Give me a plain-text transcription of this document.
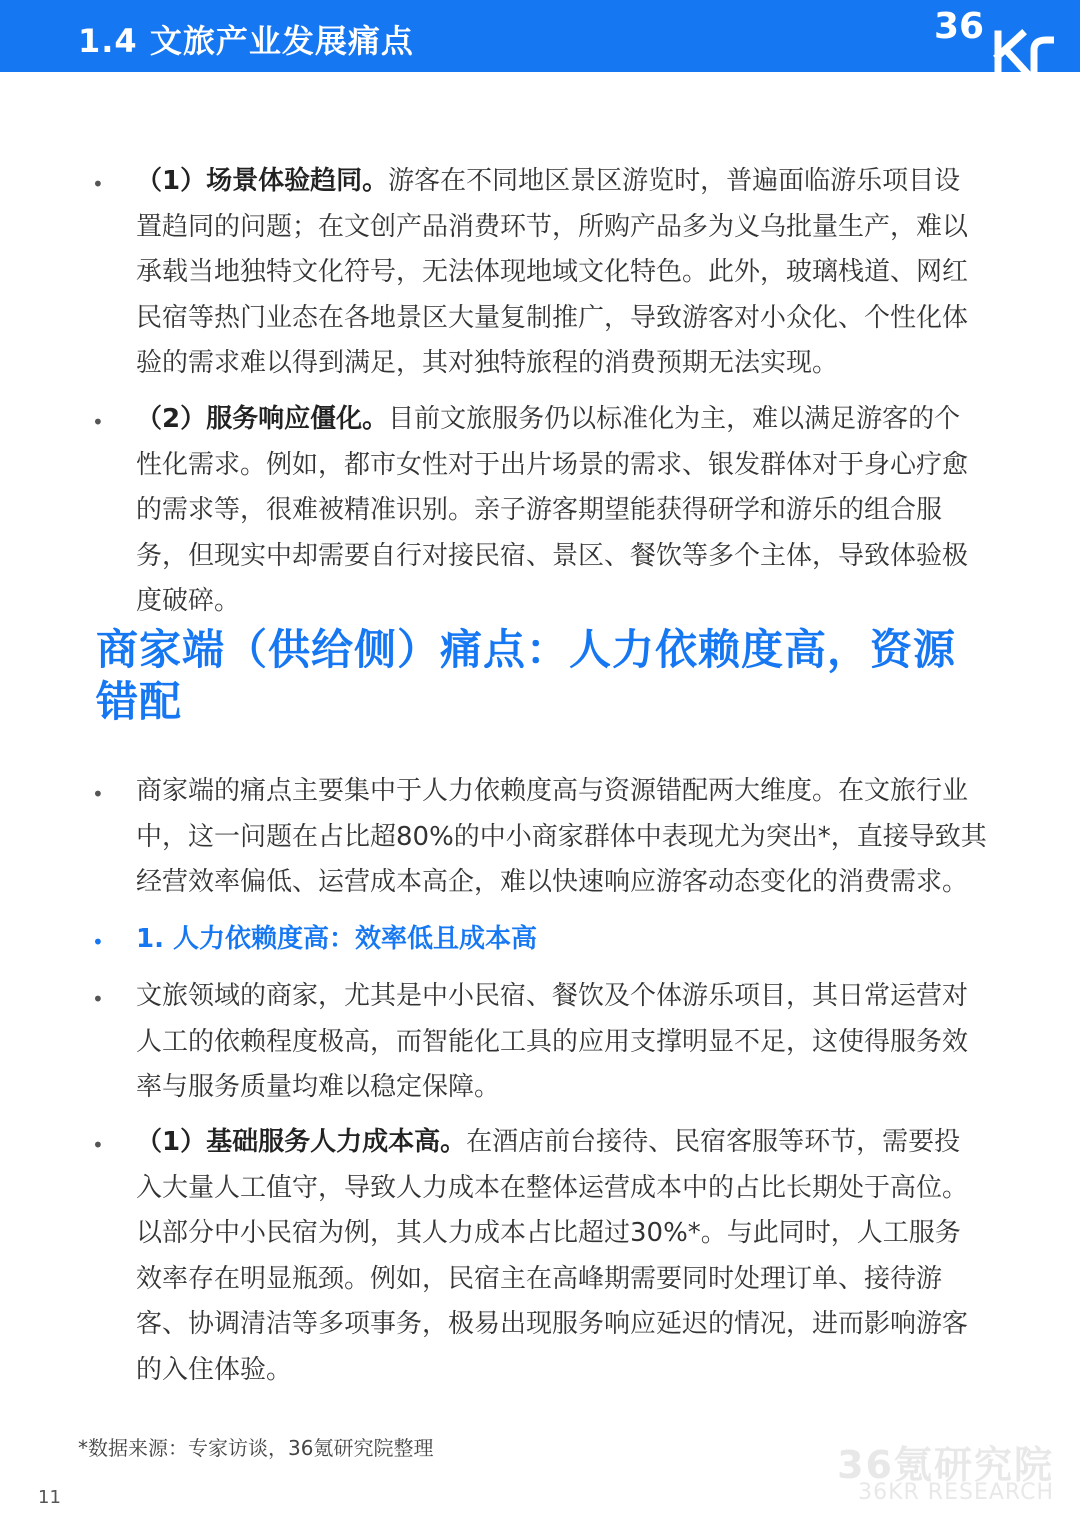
1.4 文旅产业发展痛点	36
• （1）场景体验趋同。游客在不同地区景区游览时，普遍面临游乐项目设置趋同的问题；在文创产品消费环节，所购产品多为义乌批量生产，难以承载当地独特文化符号，无法体现地域文化特色。此外，玻璃栈道、网红民宿等热门业态在各地景区大量复制推广，导致游客对小众化、个性化体验的需求难以得到满足，其对独特旅程的消费预期无法实现。
• （2）服务响应僵化。目前文旅服务仍以标准化为主，难以满足游客的个性化需求。例如，都市女性对于出片场景的需求、银发群体对于身心疗愈的需求等，很难被精准识别。亲子游客期望能获得研学和游乐的组合服务，但现实中却需要自行对接民宿、景区、餐饮等多个主体，导致体验极度破碎。
商家端（供给侧）痛点：人力依赖度高，资源错配
• 商家端的痛点主要集中于人力依赖度高与资源错配两大维度。在文旅行业中，这一问题在占比超80%的中小商家群体中表现尤为突出*，直接导致其经营效率偏低、运营成本高企，难以快速响应游客动态变化的消费需求。
• 1. 人力依赖度高：效率低且成本高
• 文旅领域的商家，尤其是中小民宿、餐饮及个体游乐项目，其日常运营对人工的依赖程度极高，而智能化工具的应用支撑明显不足，这使得服务效率与服务质量均难以稳定保障。
• （1）基础服务人力成本高。在酒店前台接待、民宿客服等环节，需要投入大量人工值守，导致人力成本在整体运营成本中的占比长期处于高位。以部分中小民宿为例，其人力成本占比超过30%*。与此同时，人工服务效率存在明显瓶颈。例如，民宿主在高峰期需要同时处理订单、接待游客、协调清洁等多项事务，极易出现服务响应延迟的情况，进而影响游客的入住体验。
*数据来源：专家访谈，36氪研究院整理	36氪研究院
36KR RESEARCH
11
